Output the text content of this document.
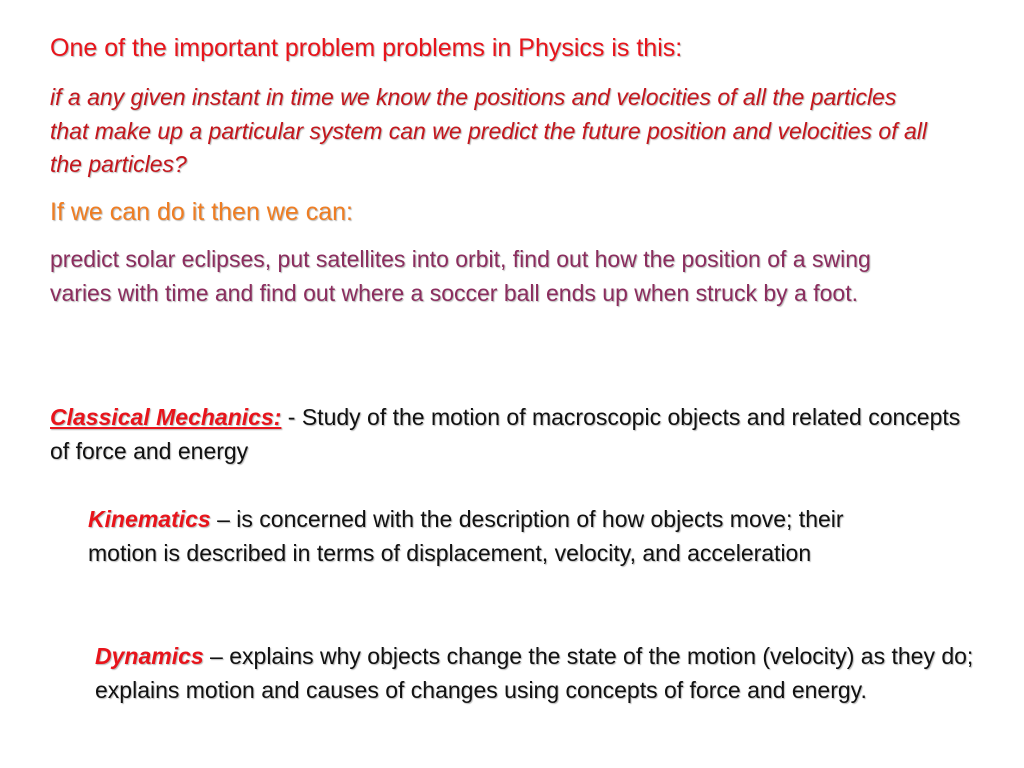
One of the important problem problems in Physics is this:

if a any given instant in time we know the positions and velocities of all the particles that make up a particular system can we predict the future position and velocities of all the particles?

If we can do it then we can:

predict solar eclipses, put satellites into orbit, find out how the position of a swing varies with time and find out where a soccer ball ends up when struck by a foot.

Classical Mechanics: - Study of the motion of macroscopic objects and related concepts of force and energy

Kinematics – is concerned with the description of how objects move; their motion is described in terms of displacement, velocity, and acceleration

Dynamics – explains why objects change the state of the motion (velocity) as they do; explains motion and causes of changes using concepts of force and energy.
